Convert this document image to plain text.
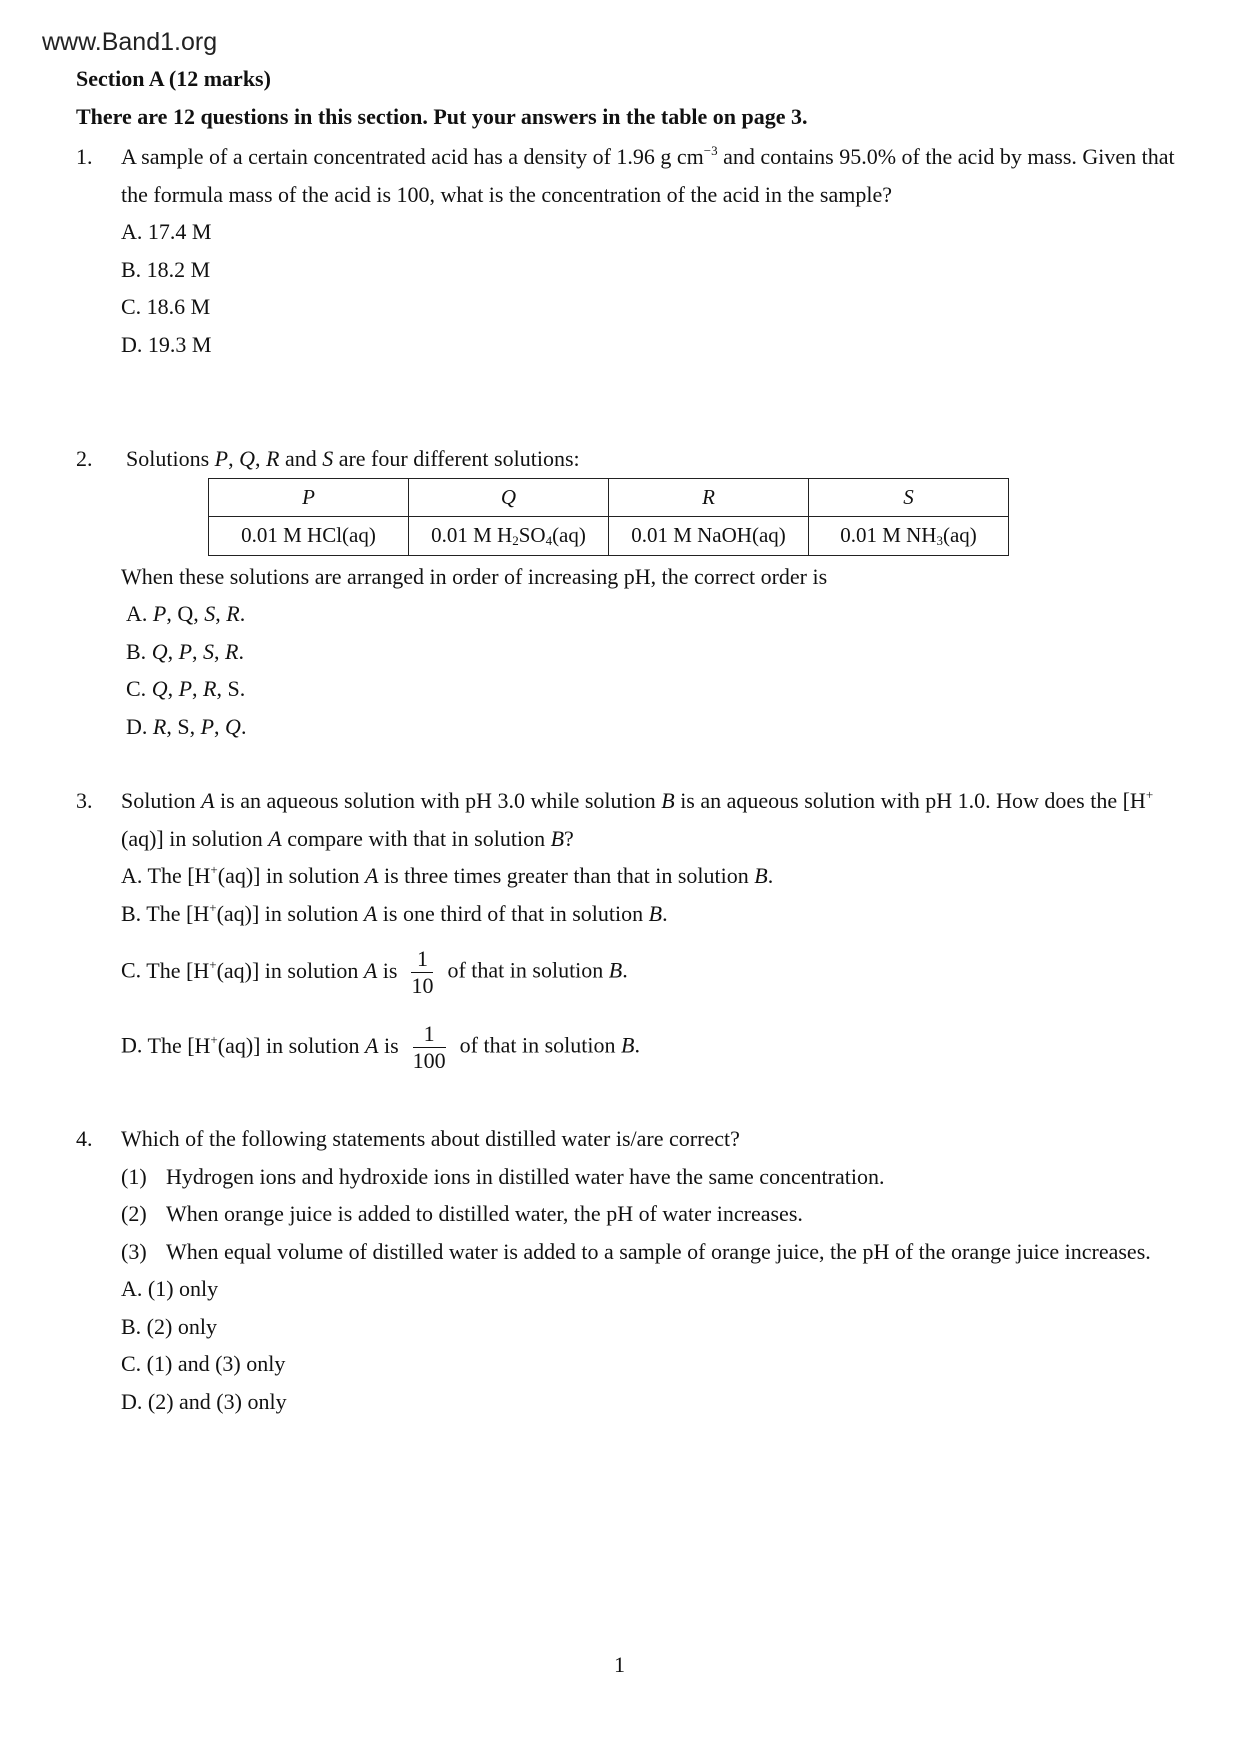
www.Band1.org
Section A (12 marks)
There are 12 questions in this section. Put your answers in the table on page 3.
1. A sample of a certain concentrated acid has a density of 1.96 g $cm^{-3}$ and contains 95.0% of the acid by mass. Given that the formula mass of the acid is 100, what is the concentration of the acid in the sample?
A. 17.4 M
B. 18.2 M
C. 18.6 M
D. 19.3 M
2. Solutions P, Q, R and S are four different solutions:
P	Q	R	S
0.01 M HCl(aq)	0.01 M $H_2SO_4(aq)$	0.01 M NaOH(aq)	0.01 M $NH_3(aq)$
When these solutions are arranged in order of increasing pH, the correct order is
A. P, Q, S, R.
B. Q, P, S, R.
C. Q, P, R, S.
D. R, S, P, Q.
3. Solution A is an aqueous solution with pH 3.0 while solution B is an aqueous solution with pH 1.0. How does the [H+(aq)] in solution A compare with that in solution B?
A. The [H+(aq)] in solution A is three times greater than that in solution B.
B. The [H+(aq)] in solution A is one third of that in solution B.
C. The [H+(aq)] in solution A is $\frac{1}{10}$ of that in solution B.
D. The [H+(aq)] in solution A is $\frac{1}{100}$ of that in solution B.
4. Which of the following statements about distilled water is/are correct?
(1) Hydrogen ions and hydroxide ions in distilled water have the same concentration.
(2) When orange juice is added to distilled water, the pH of water increases.
(3) When equal volume of distilled water is added to a sample of orange juice, the pH of the orange juice increases.
A. (1) only
B. (2) only
C. (1) and (3) only
D. (2) and (3) only
1
